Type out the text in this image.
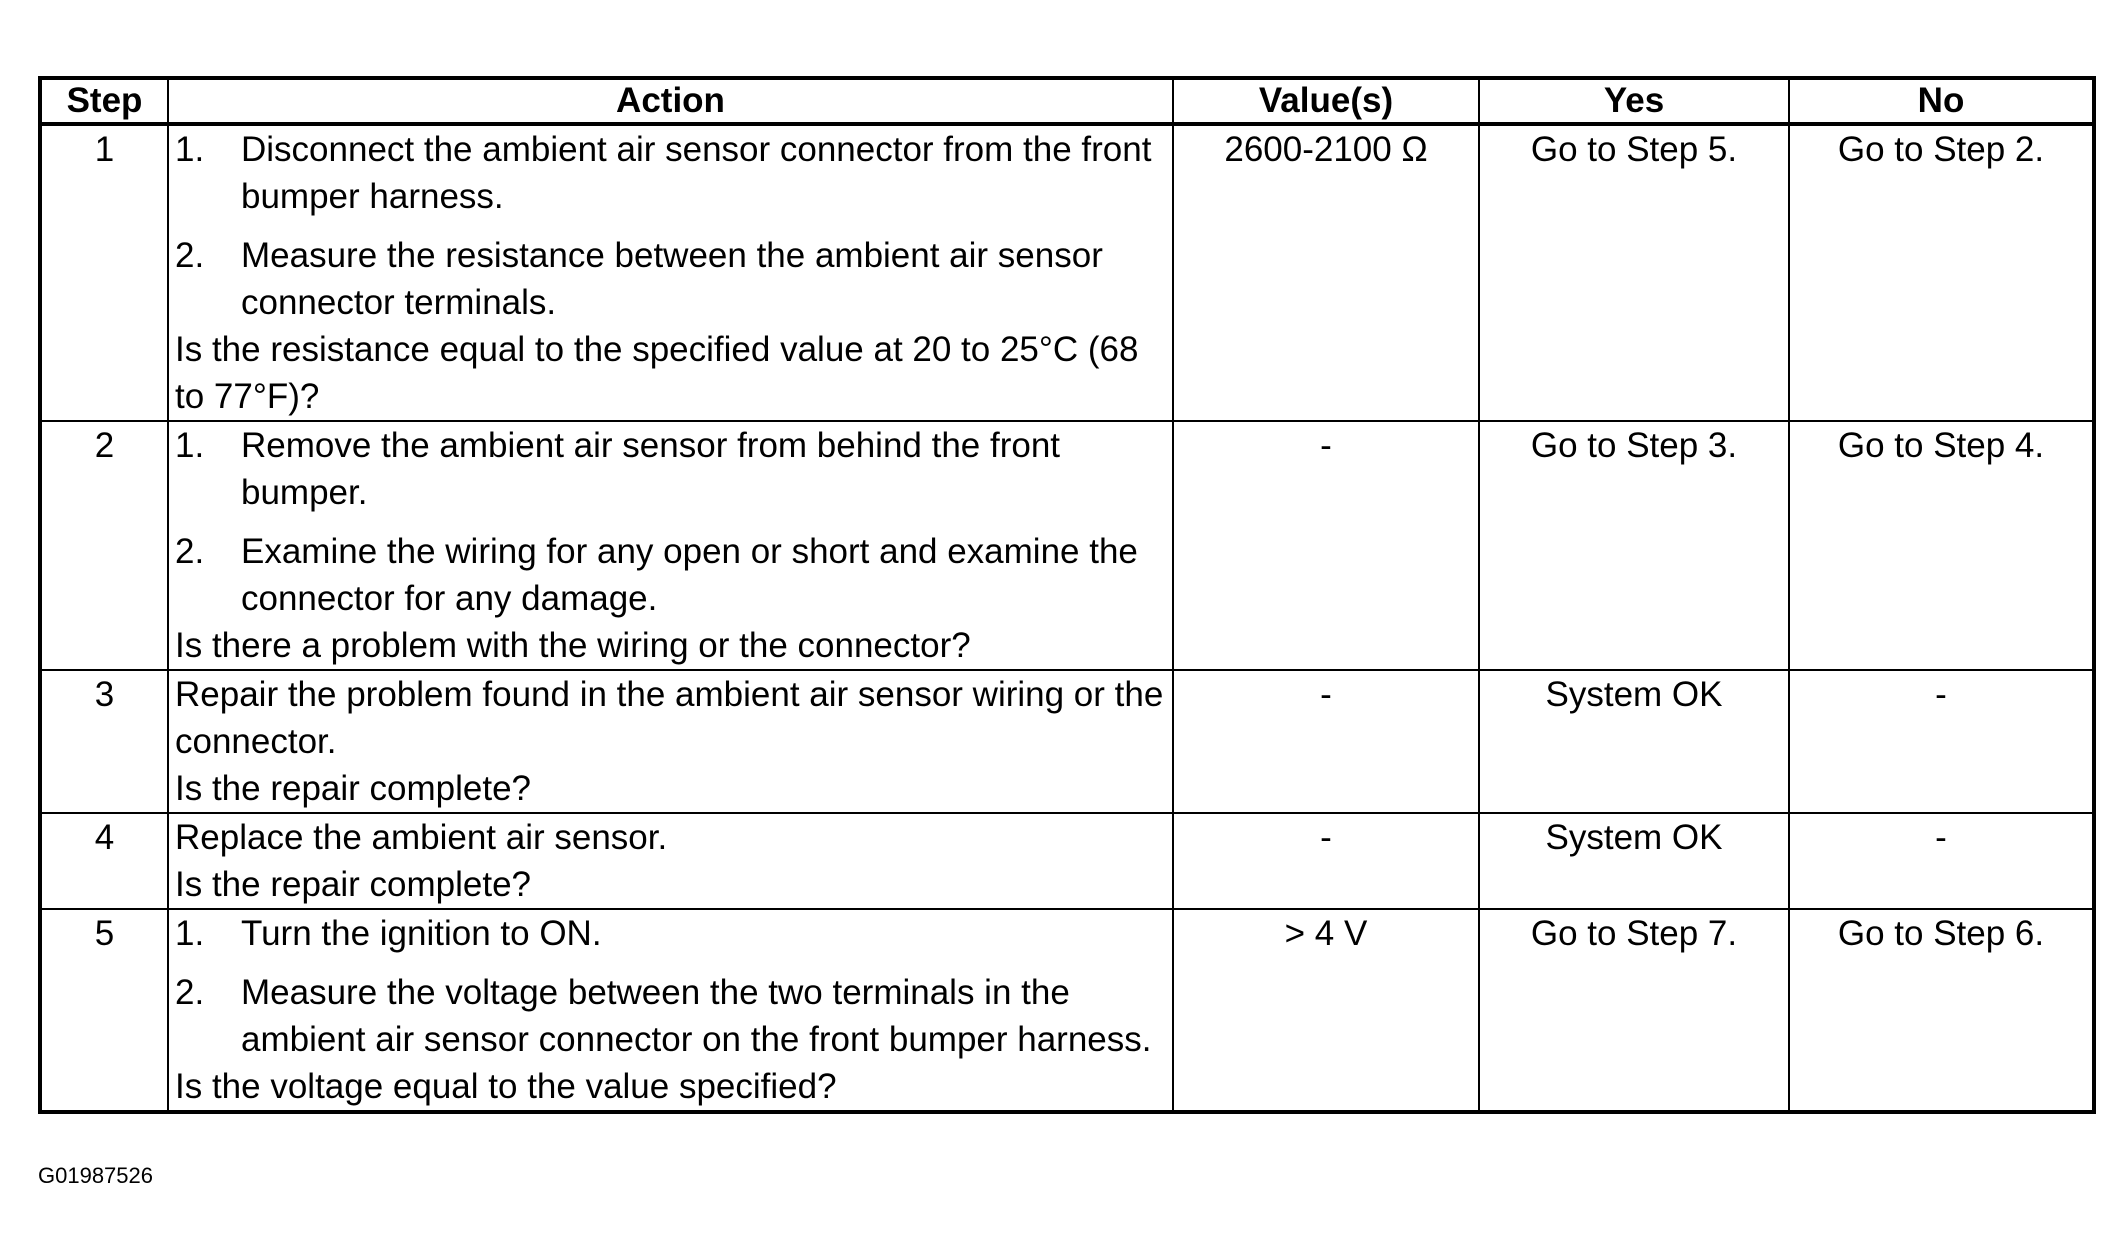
Step	Action	Value(s)	Yes	No
1	1. Disconnect the ambient air sensor connector from the front bumper harness.
2. Measure the resistance between the ambient air sensor connector terminals.
Is the resistance equal to the specified value at 20 to 25°C (68 to 77°F)?	2600-2100 Ω	Go to Step 5.	Go to Step 2.
2	1. Remove the ambient air sensor from behind the front bumper.
2. Examine the wiring for any open or short and examine the connector for any damage.
Is there a problem with the wiring or the connector?	-	Go to Step 3.	Go to Step 4.
3	Repair the problem found in the ambient air sensor wiring or the connector.
Is the repair complete?	-	System OK	-
4	Replace the ambient air sensor.
Is the repair complete?	-	System OK	-
5	1. Turn the ignition to ON.
2. Measure the voltage between the two terminals in the ambient air sensor connector on the front bumper harness.
Is the voltage equal to the value specified?	> 4 V	Go to Step 7.	Go to Step 6.
G01987526
